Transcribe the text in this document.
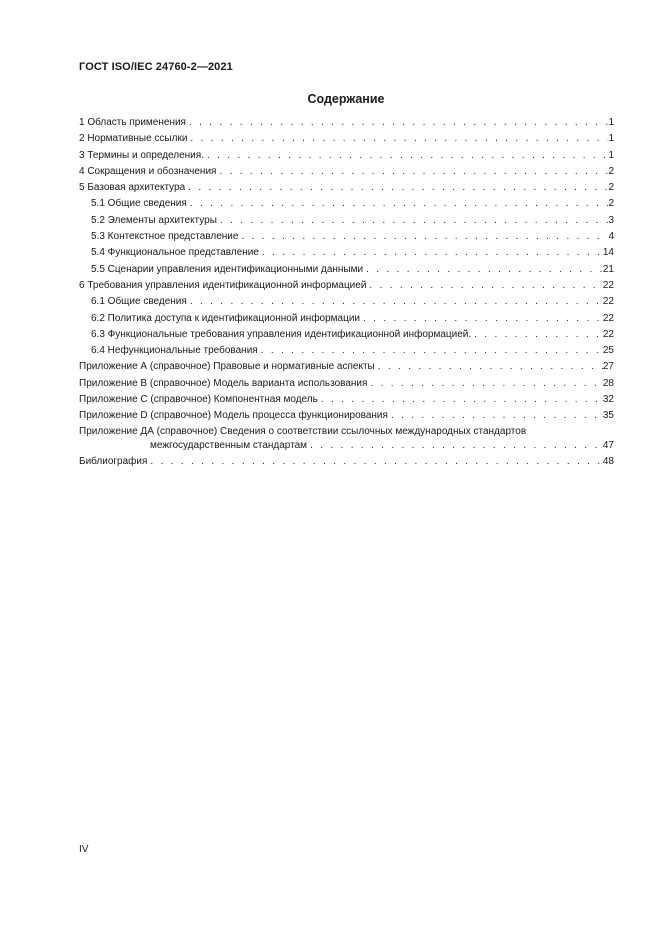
ГОСТ ISO/IEC 24760-2—2021
Содержание
1 Область применения . . .	1
2 Нормативные ссылки . . .	1
3 Термины и определения. . . .	1
4 Сокращения и обозначения . . .	2
5 Базовая архитектура . . .	2
5.1 Общие сведения . . .	2
5.2 Элементы архитектуры . . .	3
5.3 Контекстное представление . . .	4
5.4 Функциональное представление . . .	14
5.5 Сценарии управления идентификационными данными . . .	21
6 Требования управления идентификационной информацией . . .	22
6.1 Общие сведения . . .	22
6.2 Политика доступа к идентификационной информации . . .	22
6.3 Функциональные требования управления идентификационной информацией. . . .	22
6.4 Нефункциональные требования . . .	25
Приложение А (справочное) Правовые и нормативные аспекты . . .	27
Приложение В (справочное) Модель варианта использования . . .	28
Приложение С (справочное) Компонентная модель . . .	32
Приложение D (справочное) Модель процесса функционирования . . .	35
Приложение ДА (справочное) Сведения о соответствии ссылочных международных стандартов
межгосударственным стандартам . . .	47
Библиография . . .	48
IV
